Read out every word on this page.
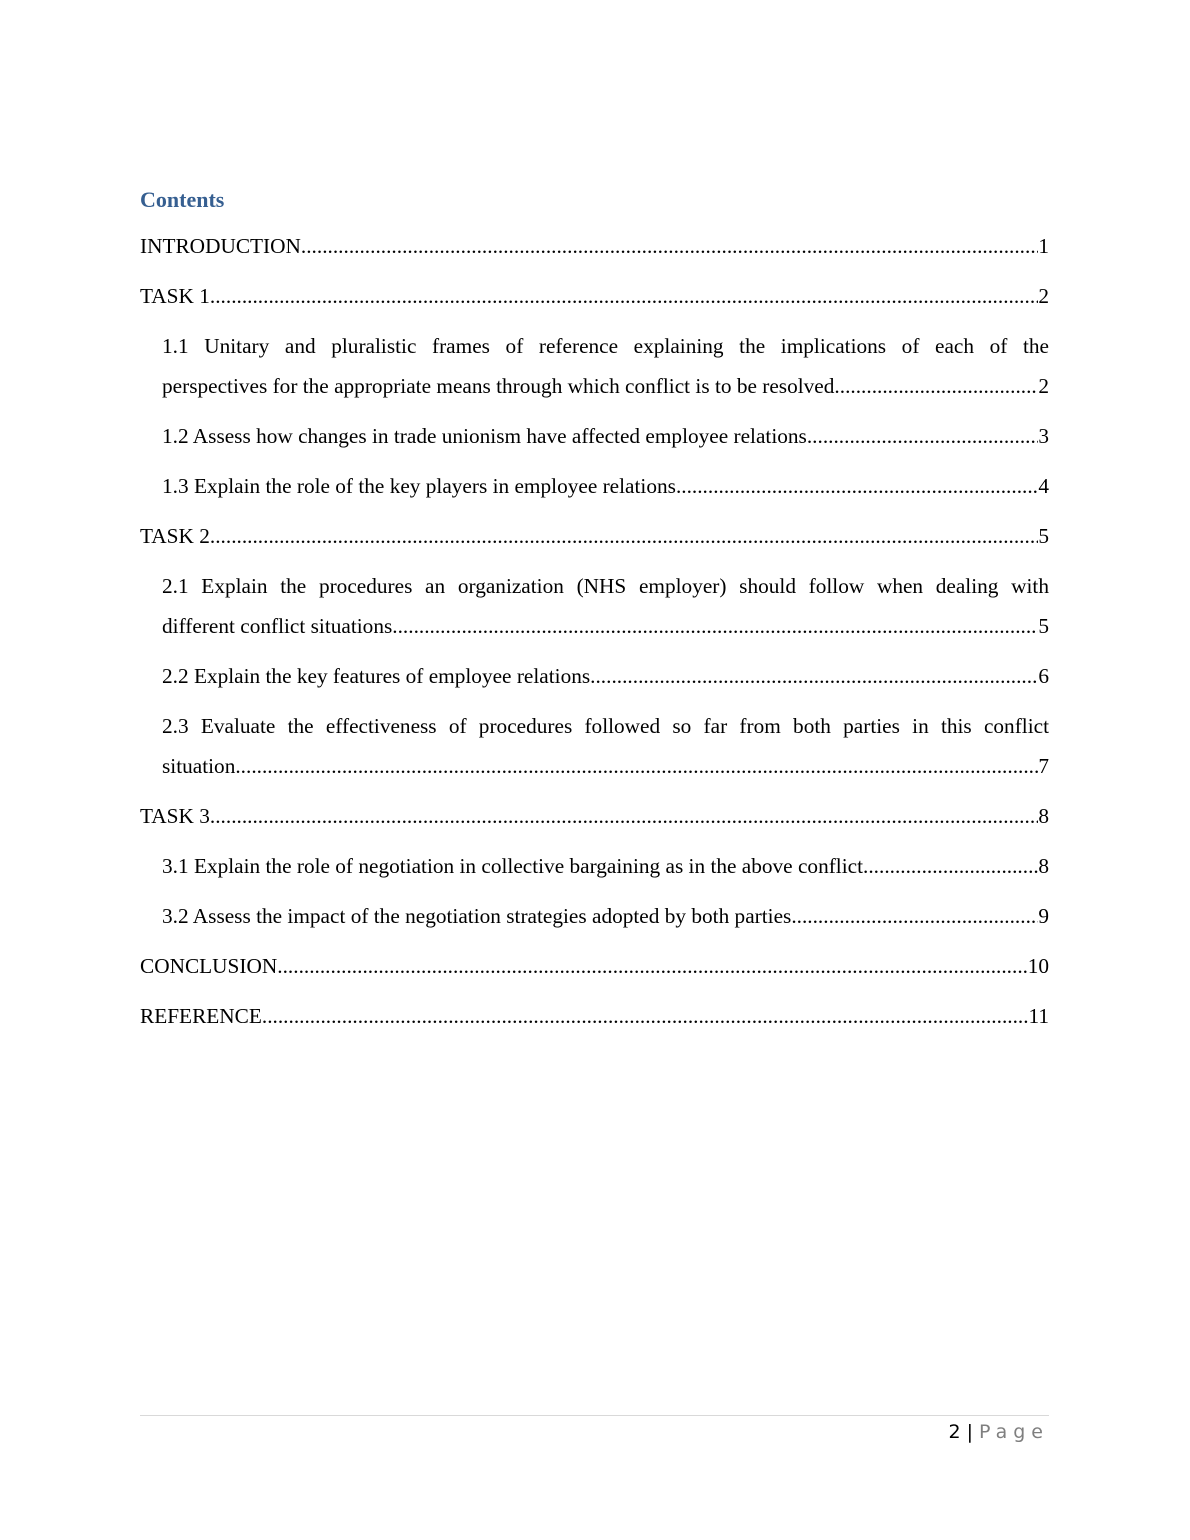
Contents
INTRODUCTION .....	1
TASK 1 .....	2
1.1 Unitary and pluralistic frames of reference explaining the implications of each of the
perspectives for the appropriate means through which conflict is to be resolved .....	2
1.2 Assess how changes in trade unionism have affected employee relations .....	3
1.3 Explain the role of the key players in employee relations .....	4
TASK 2 .....	5
2.1 Explain the procedures an organization (NHS employer) should follow when dealing with
different conflict situations .....	5
2.2 Explain the key features of employee relations .....	6
2.3 Evaluate the effectiveness of procedures followed so far from both parties in this conflict
situation .....	7
TASK 3 .....	8
3.1 Explain the role of negotiation in collective bargaining as in the above conflict .....	8
3.2 Assess the impact of the negotiation strategies adopted by both parties .....	9
CONCLUSION .....	10
REFERENCE .....	11
2 | Page
